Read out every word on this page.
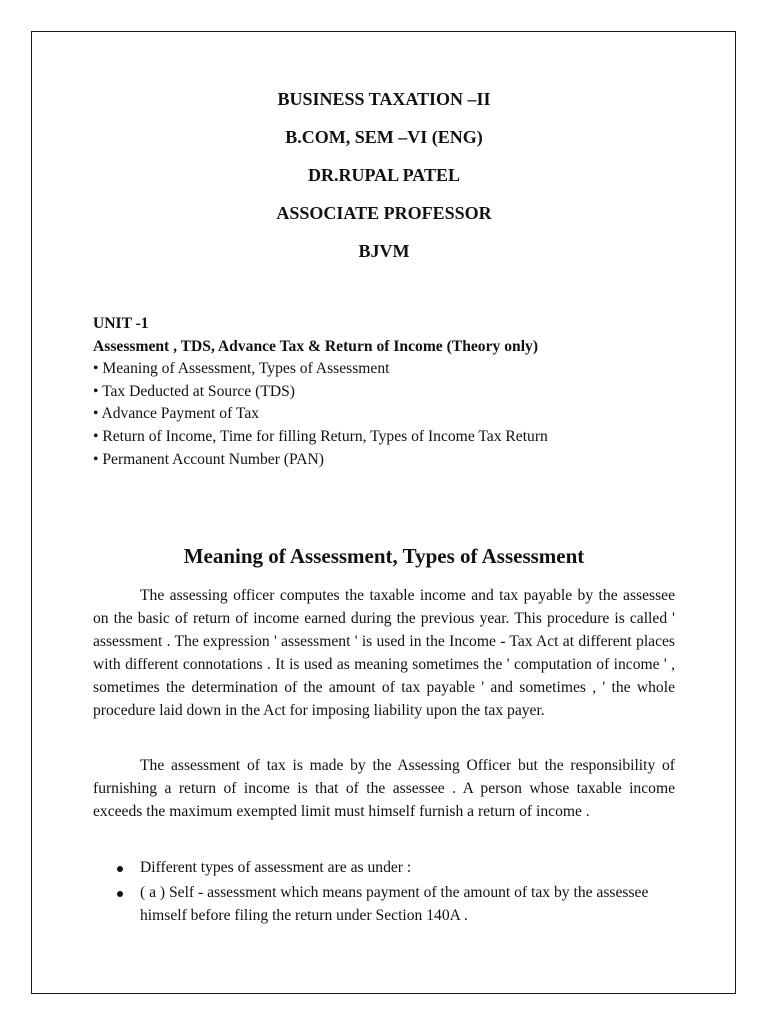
BUSINESS TAXATION –II
B.COM, SEM –VI (ENG)
DR.RUPAL PATEL
ASSOCIATE PROFESSOR
BJVM
UNIT -1
Assessment , TDS, Advance Tax & Return of Income (Theory only)
• Meaning of Assessment, Types of Assessment
• Tax Deducted at Source (TDS)
• Advance Payment of Tax
• Return of Income, Time for filling Return, Types of Income Tax Return
• Permanent Account Number (PAN)
Meaning of Assessment, Types of Assessment
The assessing officer computes the taxable income and tax payable by the assessee on the basic of return of income earned during the previous year. This procedure is called ' assessment . The expression ' assessment ' is used in the Income - Tax Act at different places with different connotations . It is used as meaning sometimes the ' computation of income ' , sometimes the determination of the amount of tax payable ' and sometimes , ' the whole procedure laid down in the Act for imposing liability upon the tax payer.
The assessment of tax is made by the Assessing Officer but the responsibility of furnishing a return of income is that of the assessee . A person whose taxable income exceeds the maximum exempted limit must himself furnish a return of income .
Different types of assessment are as under :
( a ) Self - assessment which means payment of the amount of tax by the assessee himself before filing the return under Section 140A .
